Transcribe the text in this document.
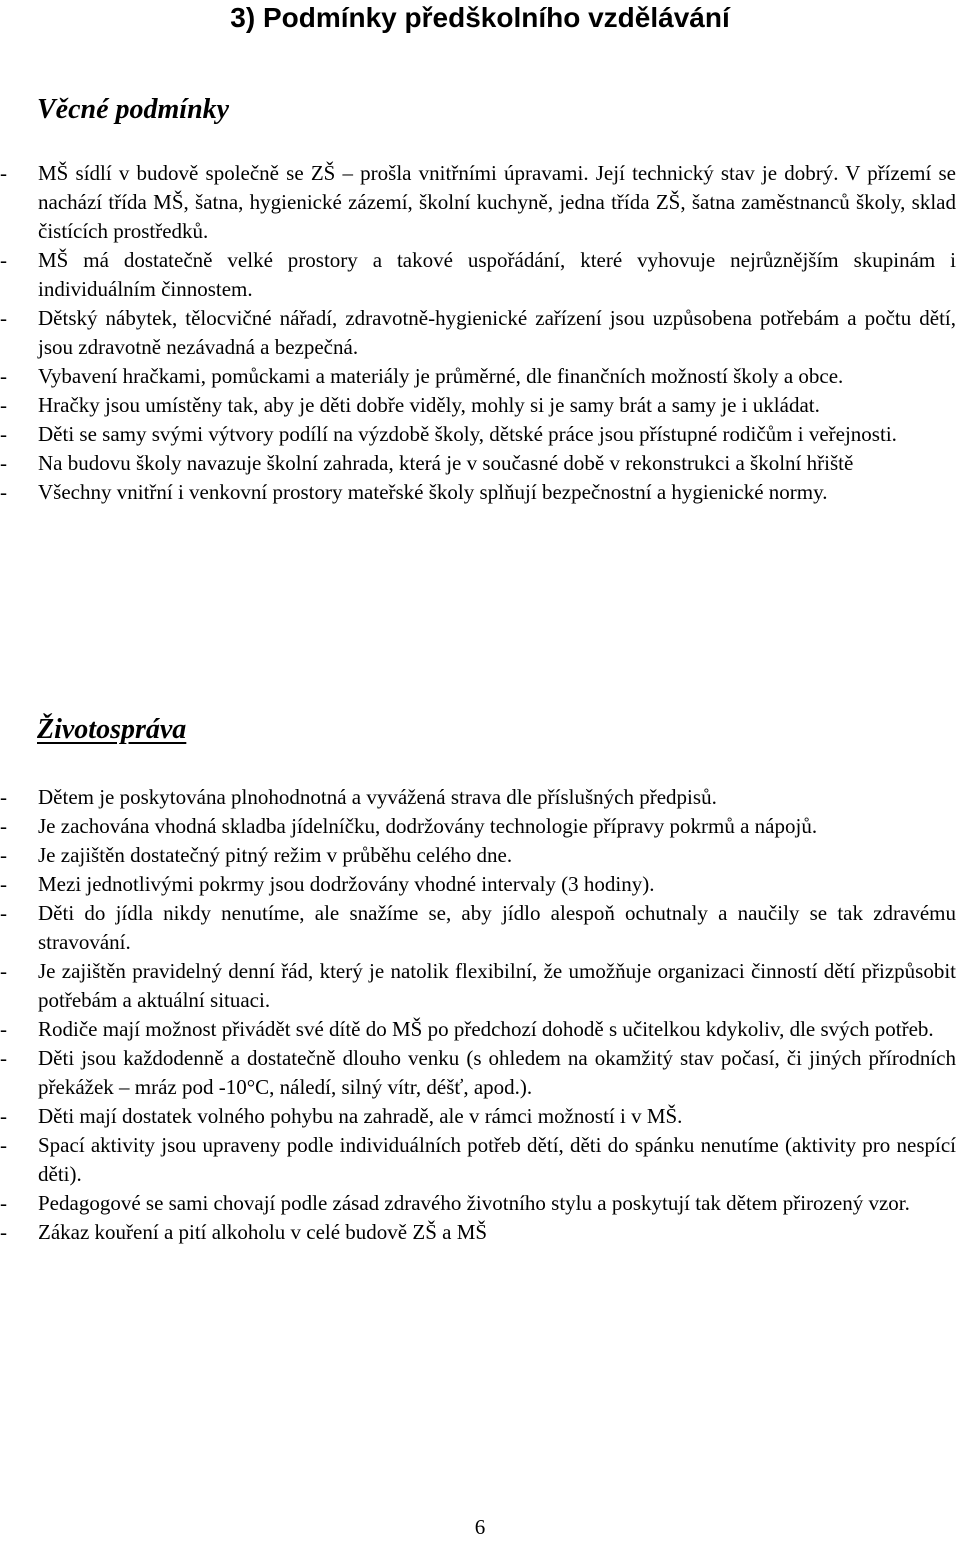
3) Podmínky předškolního vzdělávání
Věcné podmínky
-	MŠ sídlí v budově společně se ZŠ – prošla vnitřními úpravami. Její technický stav je dobrý. V přízemí se nachází třída MŠ, šatna, hygienické zázemí, školní kuchyně, jedna třída ZŠ, šatna zaměstnanců školy, sklad čistících prostředků.
-	MŠ má dostatečně velké prostory a takové uspořádání, které vyhovuje nejrůznějším skupinám i individuálním činnostem.
-	Dětský nábytek, tělocvičné nářadí, zdravotně-hygienické zařízení jsou uzpůsobena potřebám a počtu dětí, jsou zdravotně nezávadná a bezpečná.
-	Vybavení hračkami, pomůckami a materiály je průměrné, dle finančních možností školy a obce.
-	Hračky jsou umístěny tak, aby je děti dobře viděly, mohly si je samy brát a samy je i ukládat.
-	Děti se samy svými výtvory podílí na výzdobě školy, dětské práce jsou přístupné rodičům i veřejnosti.
-	Na budovu školy navazuje školní zahrada, která je v současné době v rekonstrukci a školní hřiště
-	Všechny vnitřní i venkovní prostory mateřské školy splňují bezpečnostní a hygienické normy.
Životospráva
-	Dětem je poskytována plnohodnotná a vyvážená strava dle příslušných předpisů.
-	Je zachována vhodná skladba jídelníčku, dodržovány technologie přípravy pokrmů a nápojů.
-	Je zajištěn dostatečný pitný režim v průběhu celého dne.
-	Mezi jednotlivými pokrmy jsou dodržovány vhodné intervaly (3 hodiny).
-	Děti do jídla nikdy nenutíme, ale snažíme se, aby jídlo alespoň ochutnaly a naučily se tak zdravému stravování.
-	Je zajištěn pravidelný denní řád, který je natolik flexibilní, že umožňuje organizaci činností dětí přizpůsobit potřebám a aktuální situaci.
-	Rodiče mají možnost přivádět své dítě do MŠ po předchozí dohodě s učitelkou kdykoliv, dle svých potřeb.
-	Děti jsou každodenně a dostatečně dlouho venku (s ohledem na okamžitý stav počasí, či jiných přírodních překážek – mráz pod -10°C, náledí, silný vítr, déšť, apod.).
-	Děti mají dostatek volného pohybu na zahradě, ale v rámci možností i v MŠ.
-	Spací aktivity jsou upraveny podle individuálních potřeb dětí, děti do spánku nenutíme (aktivity pro nespící děti).
-	Pedagogové se sami chovají podle zásad zdravého životního stylu a poskytují tak dětem přirozený vzor.
-	Zákaz kouření a pití alkoholu v celé budově ZŠ a MŠ
6
